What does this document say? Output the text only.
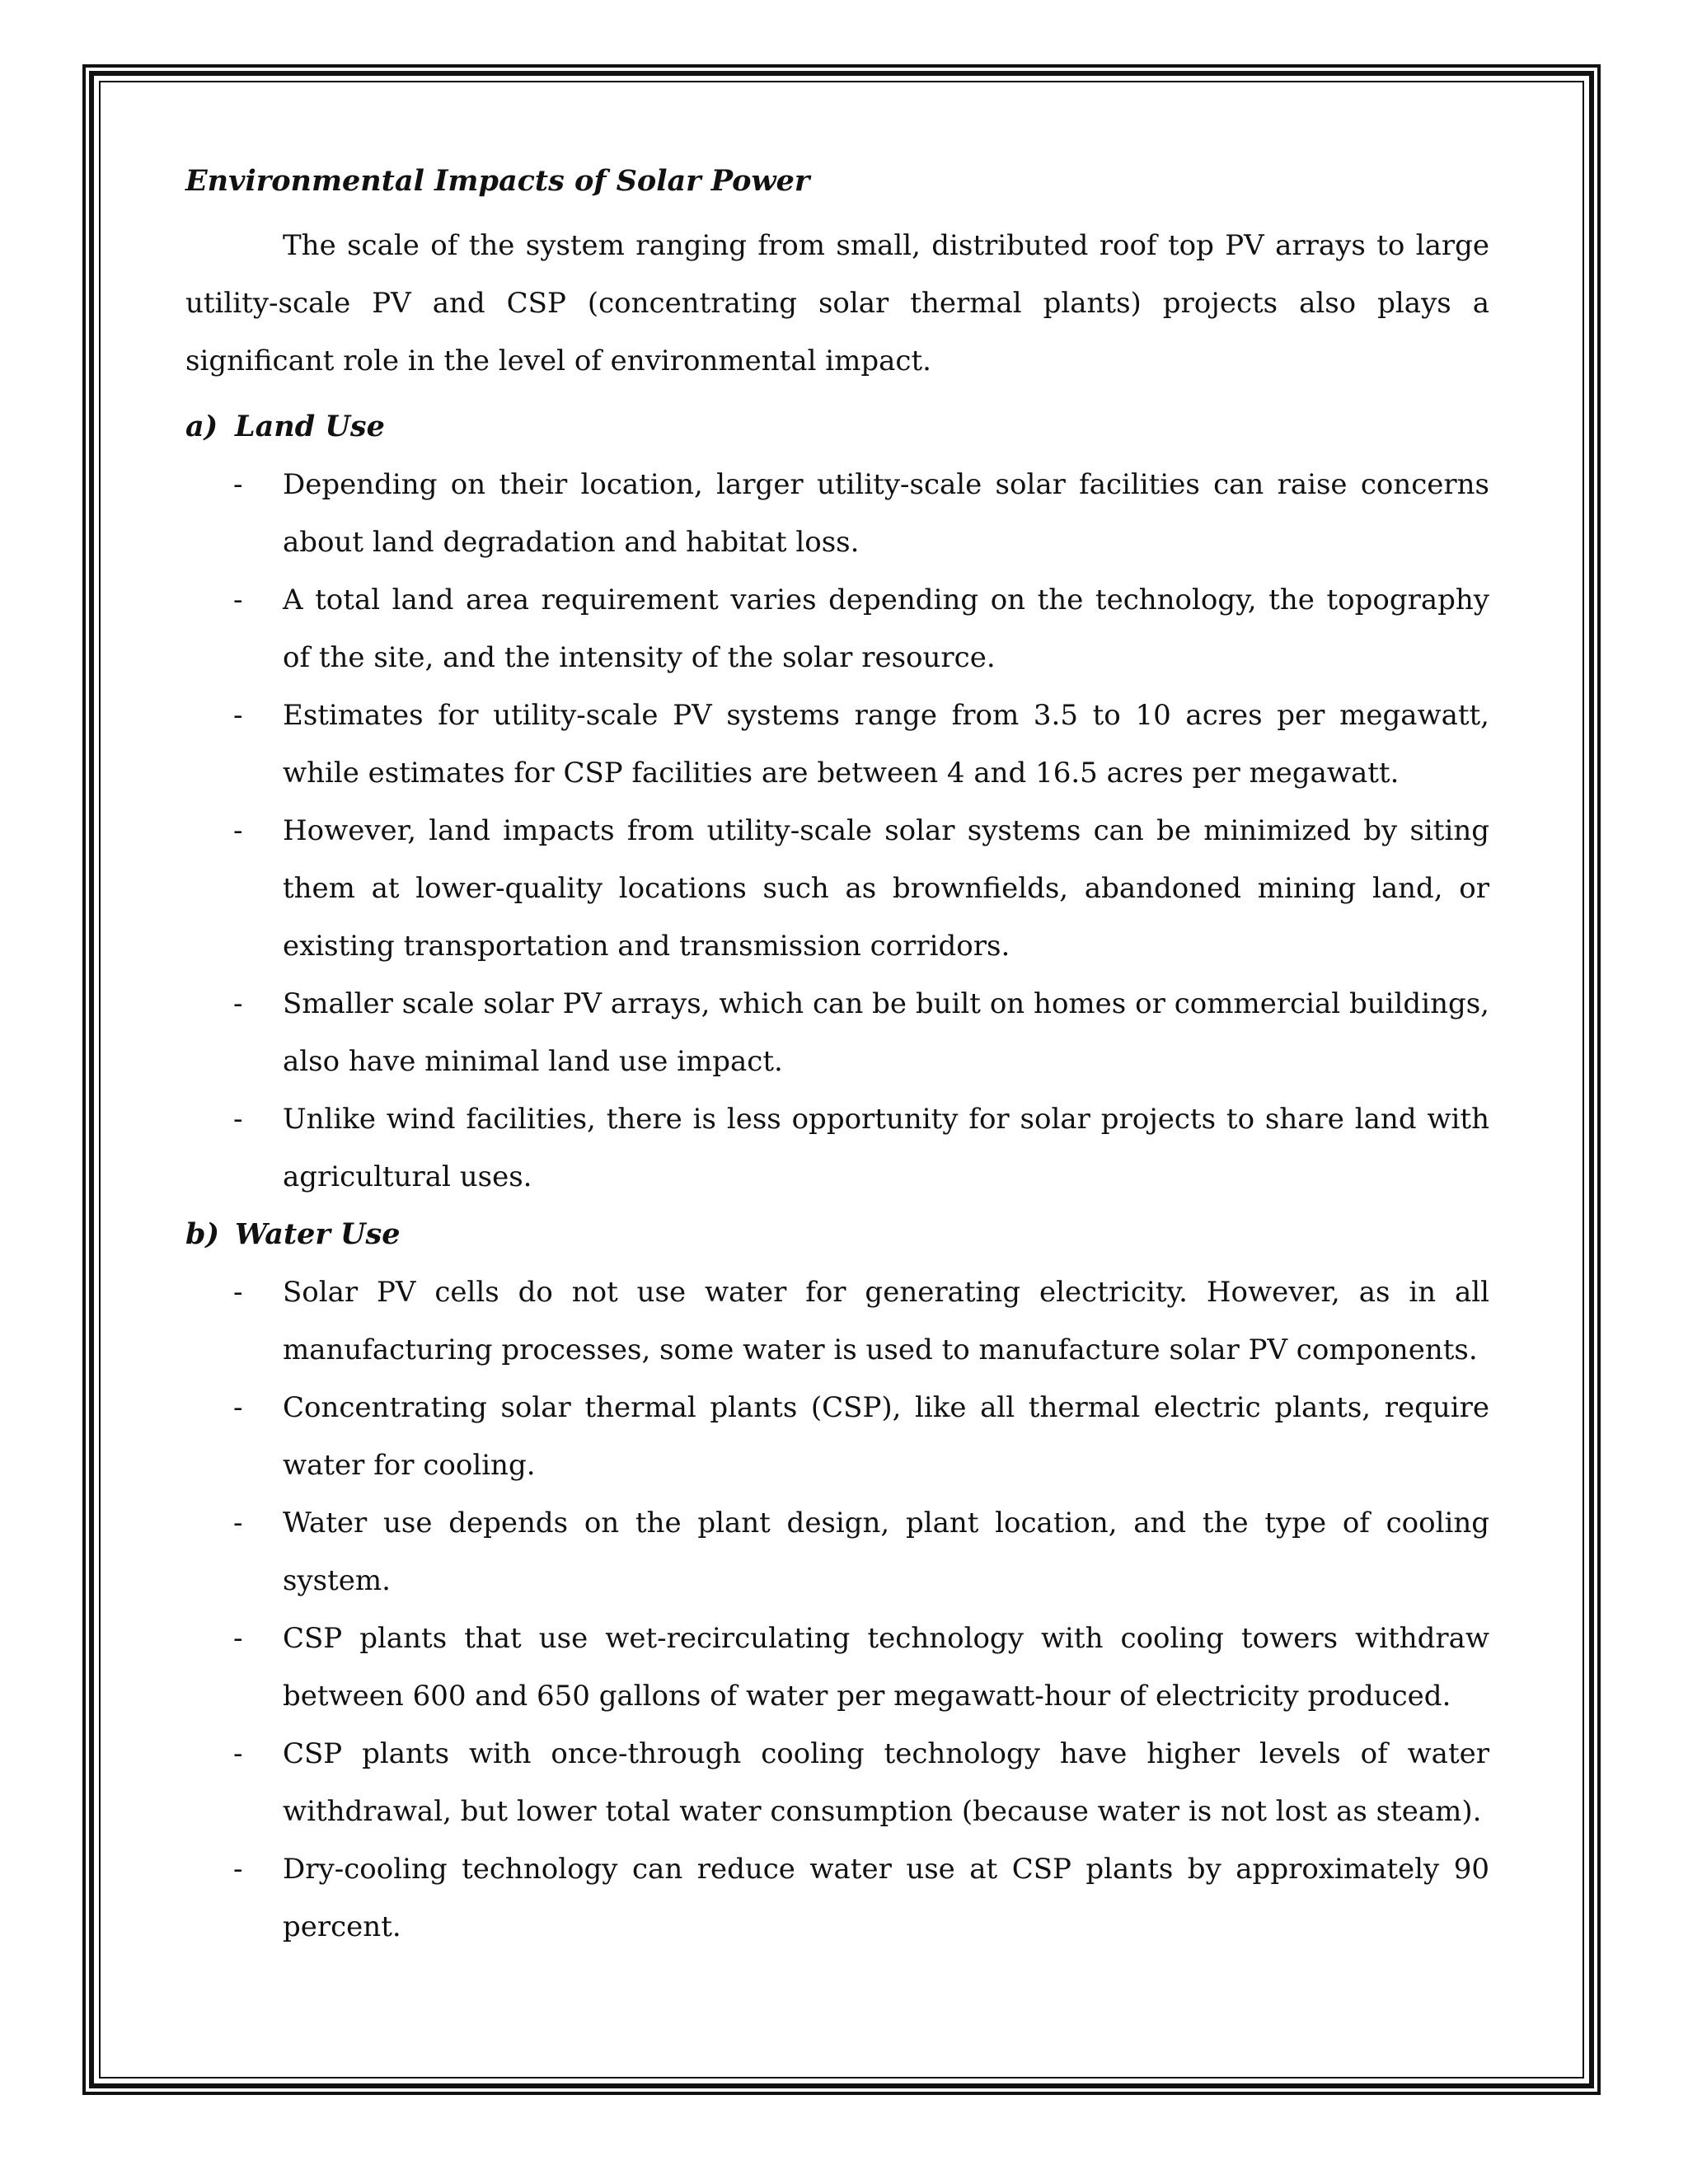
Environmental Impacts of Solar Power

The scale of the system ranging from small, distributed roof top PV arrays to large utility-scale PV and CSP (concentrating solar thermal plants) projects also plays a significant role in the level of environmental impact.

a) Land Use
-	Depending on their location, larger utility-scale solar facilities can raise concerns about land degradation and habitat loss.
-	A total land area requirement varies depending on the technology, the topography of the site, and the intensity of the solar resource.
-	Estimates for utility-scale PV systems range from 3.5 to 10 acres per megawatt, while estimates for CSP facilities are between 4 and 16.5 acres per megawatt.
-	However, land impacts from utility-scale solar systems can be minimized by siting them at lower-quality locations such as brownfields, abandoned mining land, or existing transportation and transmission corridors.
-	Smaller scale solar PV arrays, which can be built on homes or commercial buildings, also have minimal land use impact.
-	Unlike wind facilities, there is less opportunity for solar projects to share land with agricultural uses.
b) Water Use
-	Solar PV cells do not use water for generating electricity. However, as in all manufacturing processes, some water is used to manufacture solar PV components.
-	Concentrating solar thermal plants (CSP), like all thermal electric plants, require water for cooling.
-	Water use depends on the plant design, plant location, and the type of cooling system.
-	CSP plants that use wet-recirculating technology with cooling towers withdraw between 600 and 650 gallons of water per megawatt-hour of electricity produced.
-	CSP plants with once-through cooling technology have higher levels of water withdrawal, but lower total water consumption (because water is not lost as steam).
-	Dry-cooling technology can reduce water use at CSP plants by approximately 90 percent.
